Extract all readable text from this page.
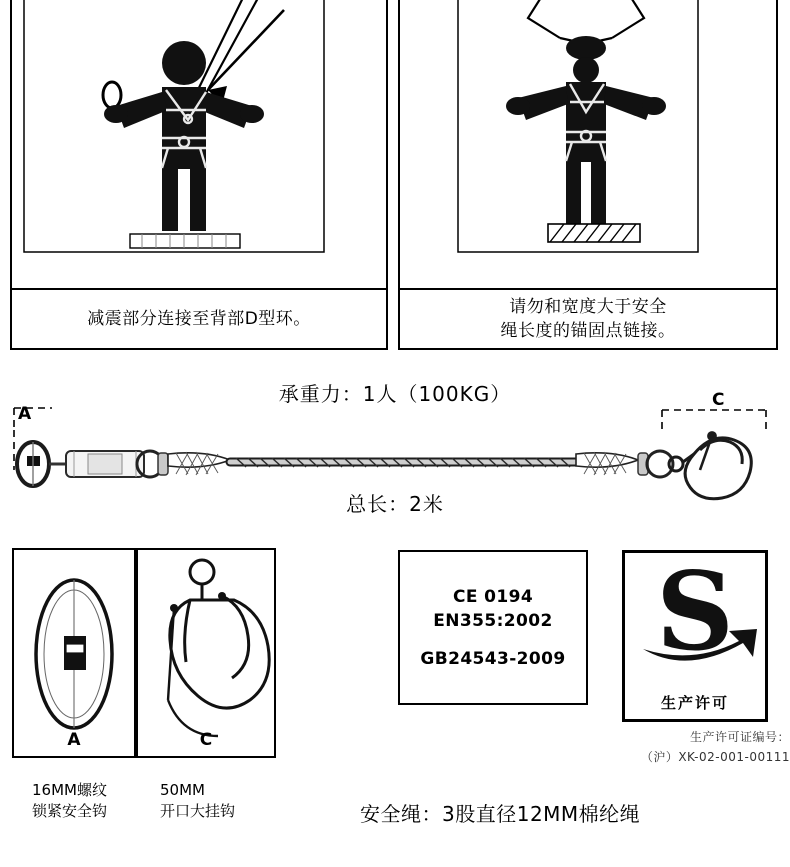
减震部分连接至背部D型环。
请勿和宽度大于安全
绳长度的锚固点链接。
承重力：1人（100KG）
A
C
总长：2米
A	C
16MM螺纹
锁紧安全钩
50MM
开口大挂钩
CE 0194
EN355:2002
GB24543-2009 S
生产许可
生产许可证编号：
（沪）XK-02-001-00111
安全绳：3股直径12MM棉纶绳
